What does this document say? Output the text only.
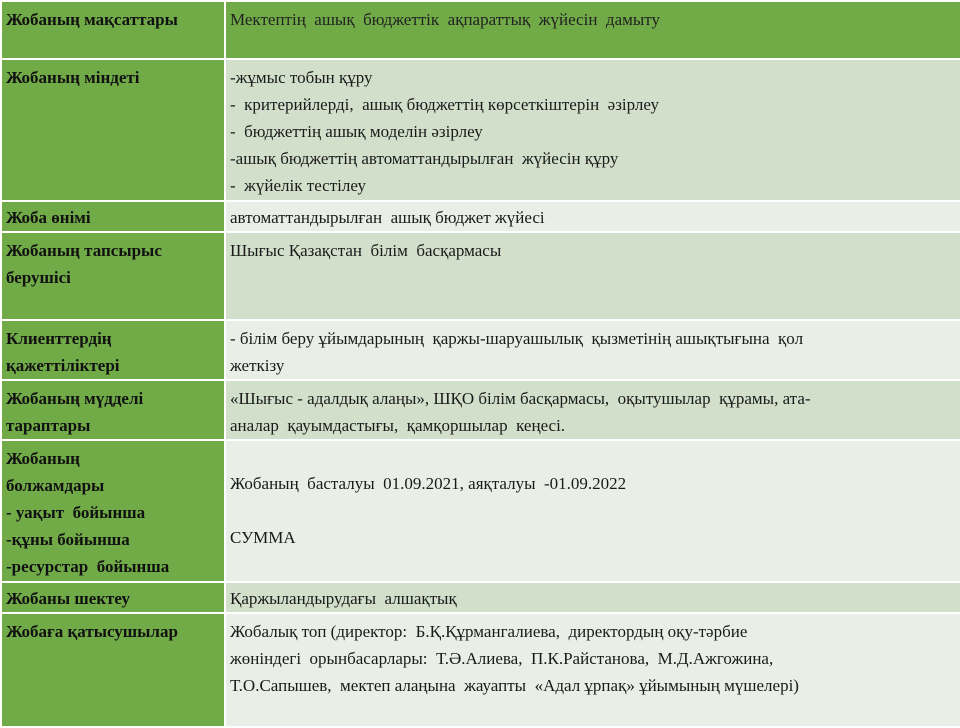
Жобаның мақсаттары	Мектептің  ашық  бюджеттік  ақпараттық  жүйесін  дамыту

Жобаның міндеті	-жұмыс тобын құру
-  критерийлерді,  ашық бюджеттің көрсеткіштерін  әзірлеу
-  бюджеттің ашық моделін әзірлеу
-ашық бюджеттің автоматтандырылған  жүйесін құру
-  жүйелік тестілеу

Жоба өнімі	автоматтандырылған  ашық бюджет жүйесі

Жобаның тапсырыс
берушісі	Шығыс Қазақстан  білім  басқармасы

Клиенттердің
қажеттіліктері	- білім беру ұйымдарының  қаржы-шаруашылық  қызметінің ашықтығына  қол
жеткізу

Жобаның мүдделі
тараптары	«Шығыс - адалдық алаңы», ШҚО білім басқармасы,  оқытушылар  құрамы, ата-
аналар  қауымдастығы,  қамқоршылар  кеңесі.

Жобаның
болжамдары
- уақыт  бойынша
-құны бойынша
-ресурстар  бойынша	Жобаның  басталуы  01.09.2021, аяқталуы  -01.09.2022
СУММА

Жобаны шектеу	Қаржыландырудағы  алшақтық

Жобаға қатысушылар	Жобалық топ (директор:  Б.Қ.Құрмангалиева,  директордың оқу-тәрбие
жөніндегі  орынбасарлары:  Т.Ә.Алиева,  П.К.Райстанова,  М.Д.Ажгожина,
Т.О.Сапышев,  мектеп алаңына  жауапты  «Адал ұрпақ» ұйымының мүшелері)
